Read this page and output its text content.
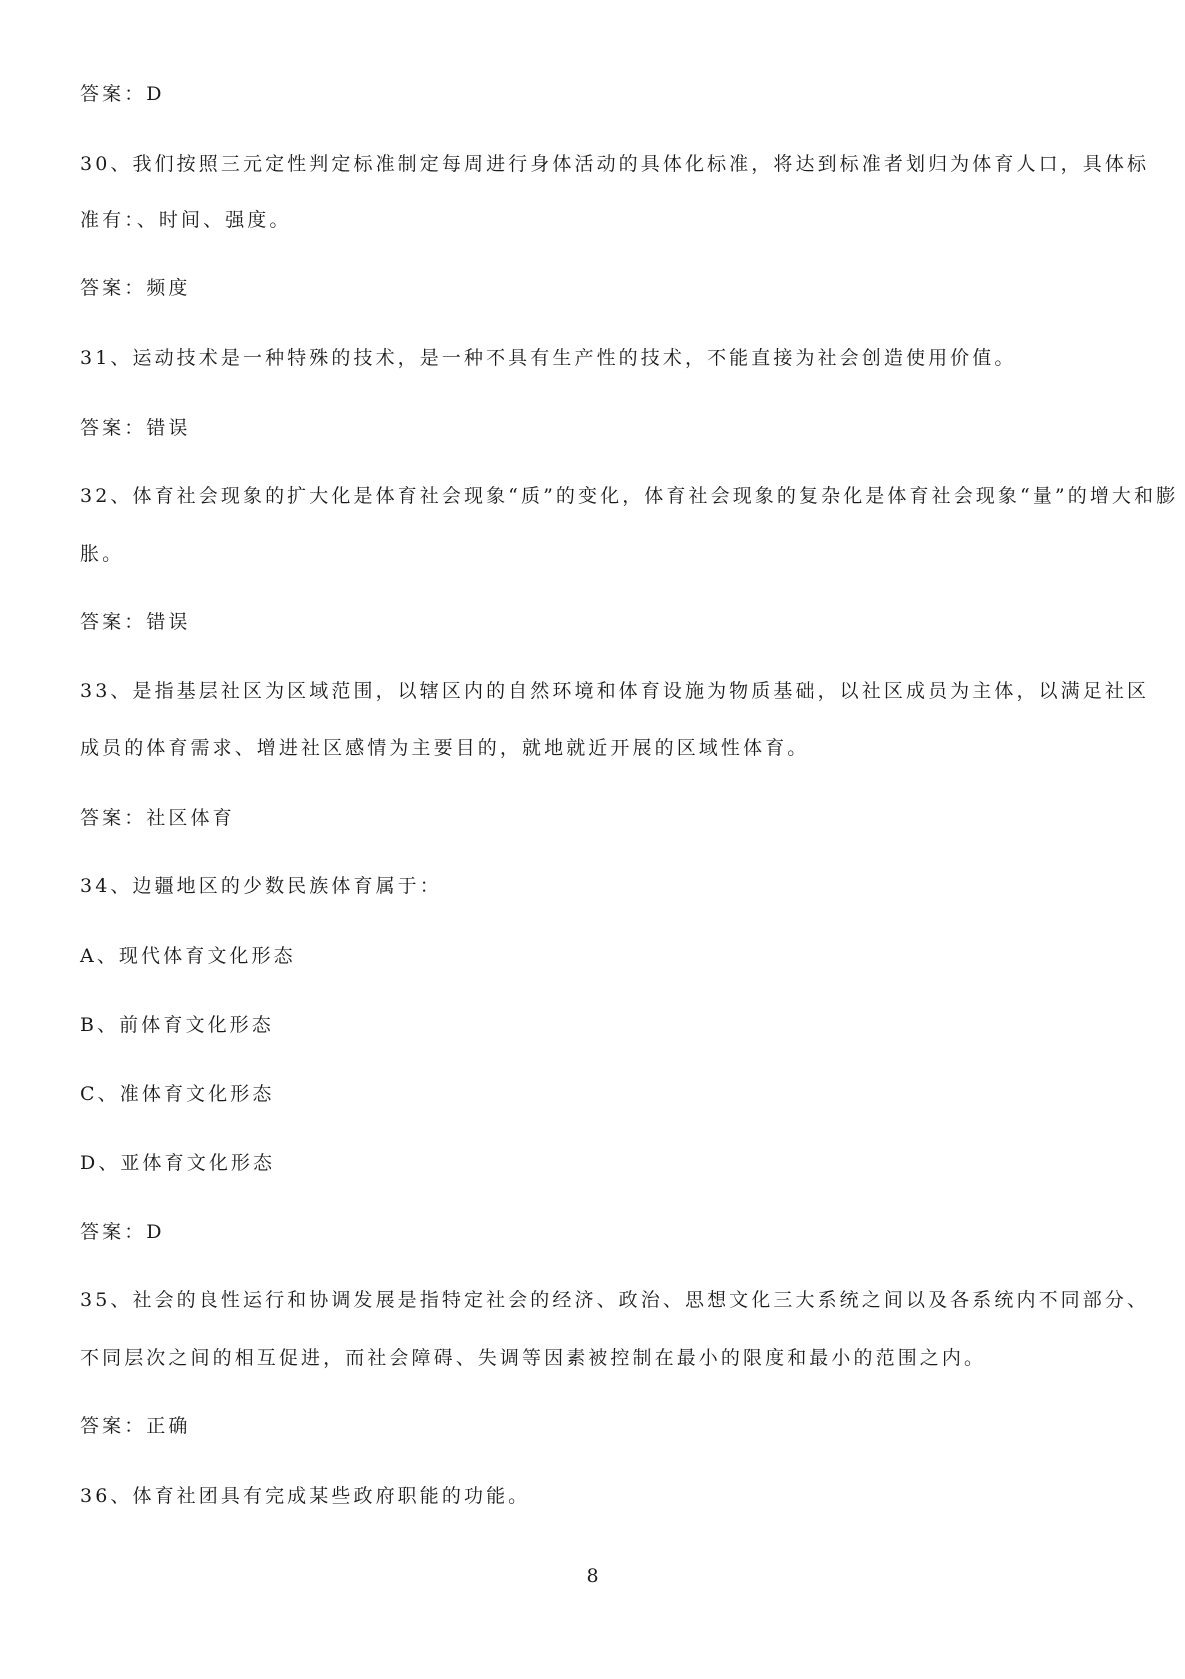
答案：D
30、我们按照三元定性判定标准制定每周进行身体活动的具体化标准，将达到标准者划归为体育人口，具体标
准有：、时间、强度。
答案：频度
31、运动技术是一种特殊的技术，是一种不具有生产性的技术，不能直接为社会创造使用价值。
答案：错误
32、体育社会现象的扩大化是体育社会现象“质”的变化，体育社会现象的复杂化是体育社会现象“量”的增大和膨
胀。
答案：错误
33、是指基层社区为区域范围，以辖区内的自然环境和体育设施为物质基础，以社区成员为主体，以满足社区
成员的体育需求、增进社区感情为主要目的，就地就近开展的区域性体育。
答案：社区体育
34、边疆地区的少数民族体育属于：
A、现代体育文化形态
B、前体育文化形态
C、准体育文化形态
D、亚体育文化形态
答案：D
35、社会的良性运行和协调发展是指特定社会的经济、政治、思想文化三大系统之间以及各系统内不同部分、
不同层次之间的相互促进，而社会障碍、失调等因素被控制在最小的限度和最小的范围之内。
答案：正确
36、体育社团具有完成某些政府职能的功能。
8
